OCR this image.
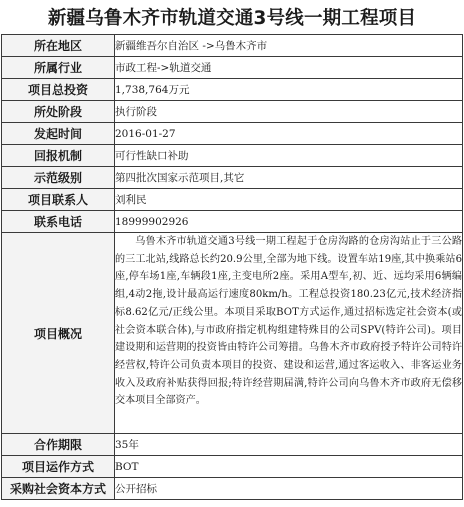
新疆乌鲁木齐市轨道交通3号线一期工程项目
所在地区	新疆维吾尔自治区 ->乌鲁木齐市
所属行业	市政工程->轨道交通
项目总投资	1,738,764万元
所处阶段	执行阶段
发起时间	2016-01-27
回报机制	可行性缺口补助
示范级别	第四批次国家示范项目,其它
项目联系人	刘利民
联系电话	18999902926
项目概况	乌鲁木齐市轨道交通3号线一期工程起于仓房沟路的仓房沟站止于三公路的三工北站,线路总长约20.9公里,全部为地下线。设置车站19座,其中换乘站6座,停车场1座,车辆段1座,主变电所2座。采用A型车,初、近、远均采用6辆编组,4动2拖,设计最高运行速度80km/h。工程总投资180.23亿元,技术经济指标8.62亿元/正线公里。本项目采取BOT方式运作,通过招标选定社会资本(或社会资本联合体),与市政府指定机构组建特殊目的公司SPV(特许公司)。项目建设期和运营期的投资皆由特许公司筹措。乌鲁木齐市政府授予特许公司特许经营权,特许公司负责本项目的投资、建设和运营,通过客运收入、非客运业务收入及政府补贴获得回报;特许经营期届满,特许公司向乌鲁木齐市政府无偿移交本项目全部资产。
合作期限	35年
项目运作方式	BOT
采购社会资本方式	公开招标
